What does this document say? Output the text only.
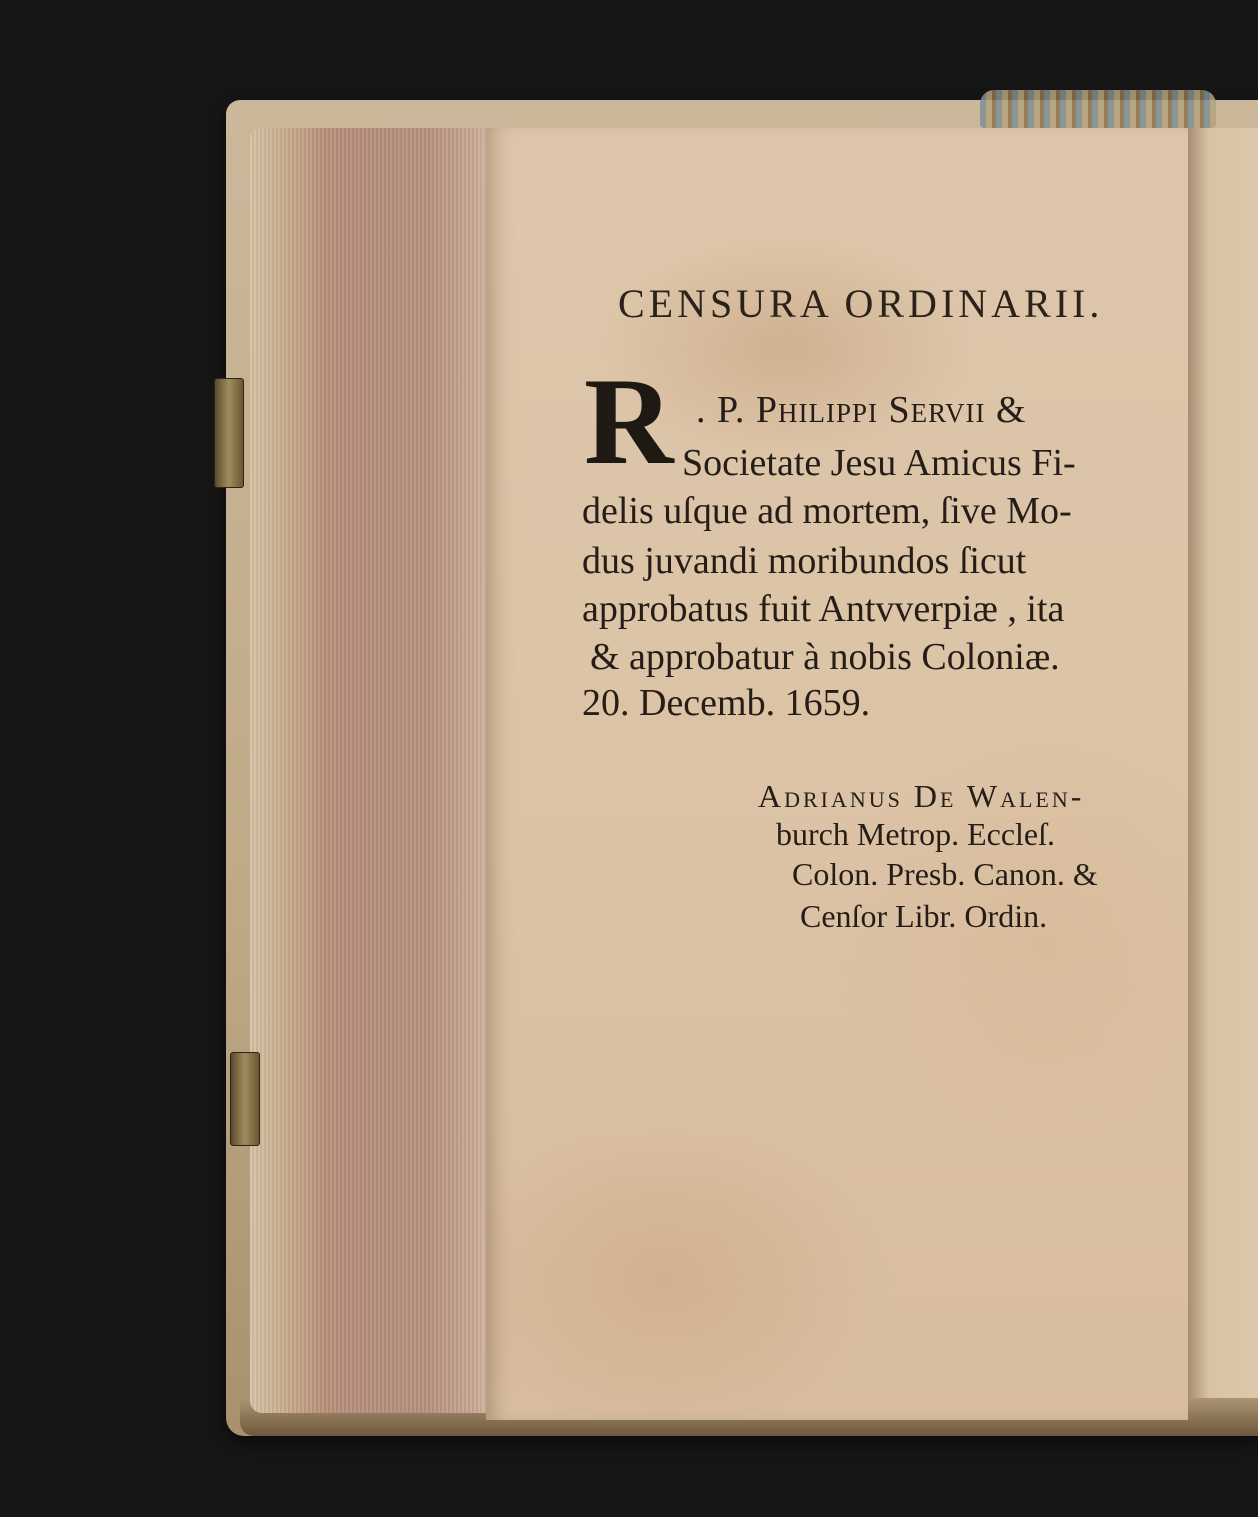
CENSURA ORDINARII.
R . P. Philippi Servii &
Societate Jesu Amicus Fi-
delis uſque ad mortem, ſive Mo-
dus juvandi moribundos ſicut
approbatus fuit Antvverpiæ , ita
& approbatur à nobis Coloniæ.
20. Decemb. 1659.
Adrianus De Walen-
burch Metrop. Eccleſ.
Colon. Presb. Canon. &
Cenſor Libr. Ordin.
